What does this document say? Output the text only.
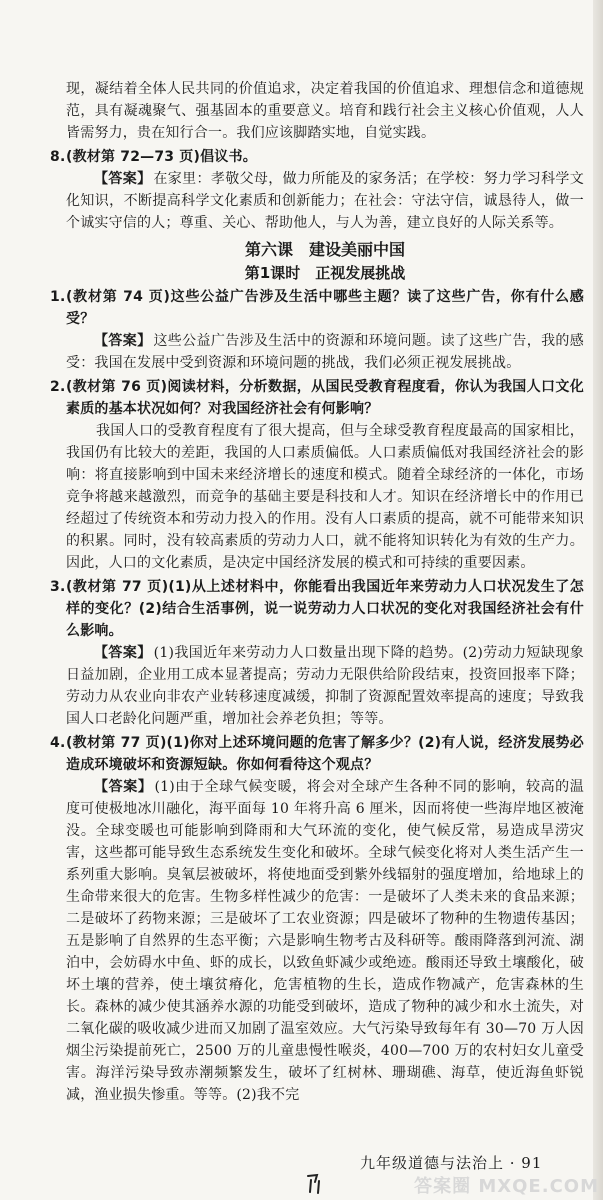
现，凝结着全体人民共同的价值追求，决定着我国的价值追求、理想信念和道德规范，具有凝魂聚气、强基固本的重要意义。培育和践行社会主义核心价值观，人人皆需努力，贵在知行合一。我们应该脚踏实地，自觉实践。

8.(教材第 72—73 页)倡议书。

【答案】 在家里：孝敬父母，做力所能及的家务活；在学校：努力学习科学文化知识，不断提高科学文化素质和创新能力；在社会：守法守信，诚恳待人，做一个诚实守信的人；尊重、关心、帮助他人，与人为善，建立良好的人际关系等。

第六课　建设美丽中国

第1课时　正视发展挑战

1.(教材第 74 页)这些公益广告涉及生活中哪些主题？读了这些广告，你有什么感受？

【答案】 这些公益广告涉及生活中的资源和环境问题。读了这些广告，我的感受：我国在发展中受到资源和环境问题的挑战，我们必须正视发展挑战。

2.(教材第 76 页)阅读材料，分析数据，从国民受教育程度看，你认为我国人口文化素质的基本状况如何？对我国经济社会有何影响？

我国人口的受教育程度有了很大提高，但与全球受教育程度最高的国家相比，我国仍有比较大的差距，我国的人口素质偏低。人口素质偏低对我国经济社会的影响：将直接影响到中国未来经济增长的速度和模式。随着全球经济的一体化，市场竞争将越来越激烈，而竞争的基础主要是科技和人才。知识在经济增长中的作用已经超过了传统资本和劳动力投入的作用。没有人口素质的提高，就不可能带来知识的积累。同时，没有较高素质的劳动力人口，就不能将知识转化为有效的生产力。因此，人口的文化素质，是决定中国经济发展的模式和可持续的重要因素。

3.(教材第 77 页)(1)从上述材料中，你能看出我国近年来劳动力人口状况发生了怎样的变化？(2)结合生活事例，说一说劳动力人口状况的变化对我国经济社会有什么影响。

【答案】 (1)我国近年来劳动力人口数量出现下降的趋势。(2)劳动力短缺现象日益加剧，企业用工成本显著提高；劳动力无限供给阶段结束，投资回报率下降；劳动力从农业向非农产业转移速度减缓，抑制了资源配置效率提高的速度；导致我国人口老龄化问题严重，增加社会养老负担；等等。

4.(教材第 77 页)(1)你对上述环境问题的危害了解多少？(2)有人说，经济发展势必造成环境破坏和资源短缺。你如何看待这个观点？

【答案】 (1)由于全球气候变暖，将会对全球产生各种不同的影响，较高的温度可使极地冰川融化，海平面每 10 年将升高 6 厘米，因而将使一些海岸地区被淹没。全球变暖也可能影响到降雨和大气环流的变化，使气候反常，易造成旱涝灾害，这些都可能导致生态系统发生变化和破坏。全球气候变化将对人类生活产生一系列重大影响。臭氧层被破坏，将使地面受到紫外线辐射的强度增加，给地球上的生命带来很大的危害。生物多样性减少的危害：一是破坏了人类未来的食品来源；二是破坏了药物来源；三是破坏了工农业资源；四是破坏了物种的生物遗传基因；五是影响了自然界的生态平衡；六是影响生物考古及科研等。酸雨降落到河流、湖泊中，会妨碍水中鱼、虾的成长，以致鱼虾减少或绝迹。酸雨还导致土壤酸化，破坏土壤的营养，使土壤贫瘠化，危害植物的生长，造成作物减产，危害森林的生长。森林的减少使其涵养水源的功能受到破坏，造成了物种的减少和水土流失，对二氧化碳的吸收减少进而又加剧了温室效应。大气污染导致每年有 30—70 万人因烟尘污染提前死亡，2500 万的儿童患慢性喉炎，400—700 万的农村妇女儿童受害。海洋污染导致赤潮频繁发生，破坏了红树林、珊瑚礁、海草，使近海鱼虾锐减，渔业损失惨重。等等。(2)我不完

九年级道德与法治上 · 91
答案圈 MXQE.COM
